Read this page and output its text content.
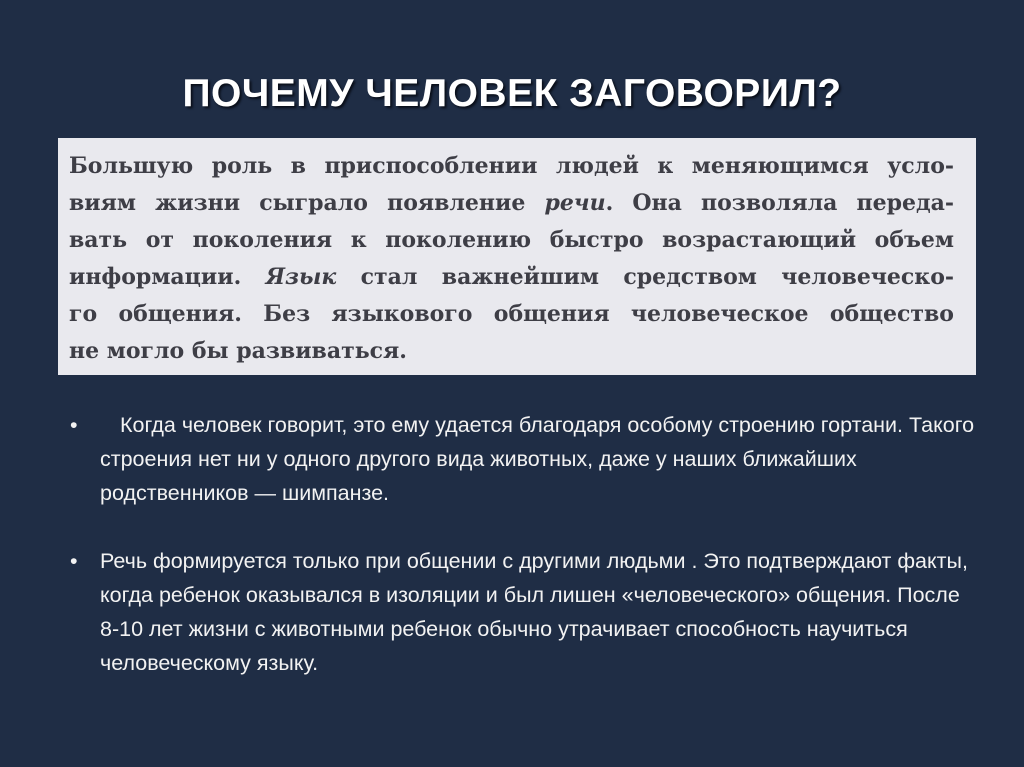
ПОЧЕМУ ЧЕЛОВЕК ЗАГОВОРИЛ?
Большую роль в приспособлении людей к меняющимся усло-
виям жизни сыграло появление речи. Она позволяла переда-
вать от поколения к поколению быстро возрастающий объем
информации. Язык стал важнейшим средством человеческо-
го общения. Без языкового общения человеческое общество
не могло бы развиваться.
•	Когда человек говорит, это ему удается благодаря особому строению гортани. Такого строения нет ни у одного другого вида животных, даже у наших ближайших родственников — шимпанзе.
• Речь формируется только при общении с другими людьми . Это подтверждают факты, когда ребенок оказывался в изоляции и был лишен «человеческого» общения. После 8-10 лет жизни с животными ребенок обычно утрачивает способность научиться человеческому языку.
